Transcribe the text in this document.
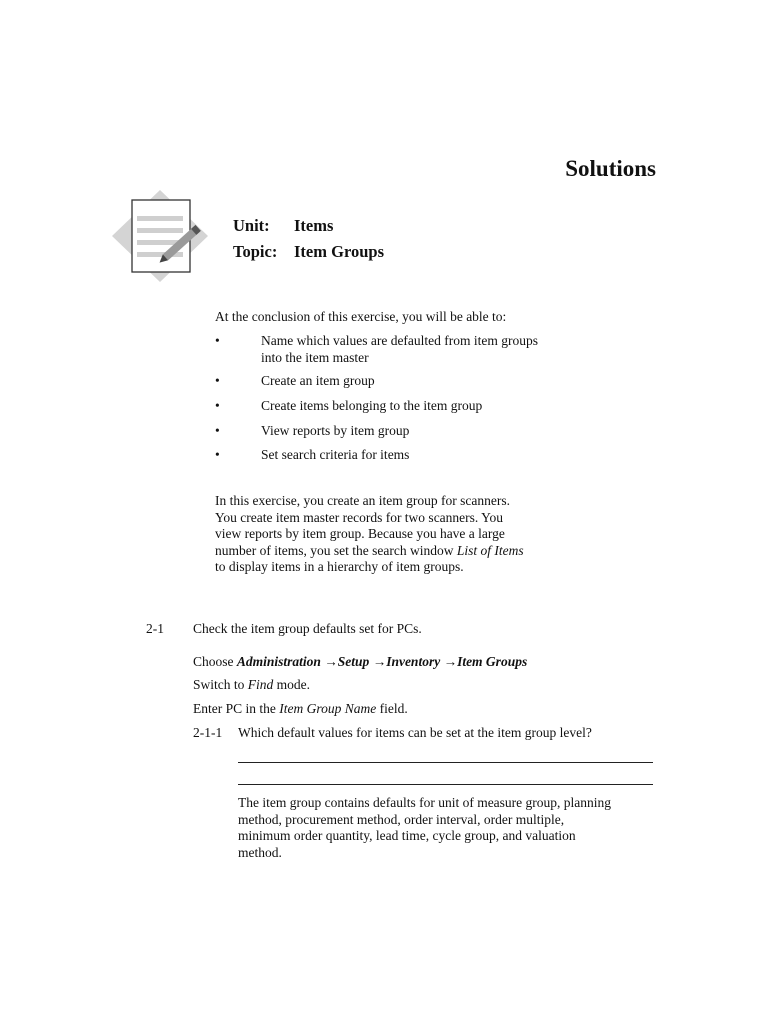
Solutions
Unit: Items
Topic: Item Groups
At the conclusion of this exercise, you will be able to:
•	Name which values are defaulted from item groups
into the item master
•	Create an item group
•	Create items belonging to the item group
•	View reports by item group
•	Set search criteria for items
In this exercise, you create an item group for scanners.
You create item master records for two scanners. You
view reports by item group. Because you have a large
number of items, you set the search window List of Items
to display items in a hierarchy of item groups.
2-1 Check the item group defaults set for PCs.
Choose Administration →Setup →Inventory →Item Groups
Switch to Find mode.
Enter PC in the Item Group Name field.
2-1-1 Which default values for items can be set at the item group level?
The item group contains defaults for unit of measure group, planning
method, procurement method, order interval, order multiple,
minimum order quantity, lead time, cycle group, and valuation
method.
